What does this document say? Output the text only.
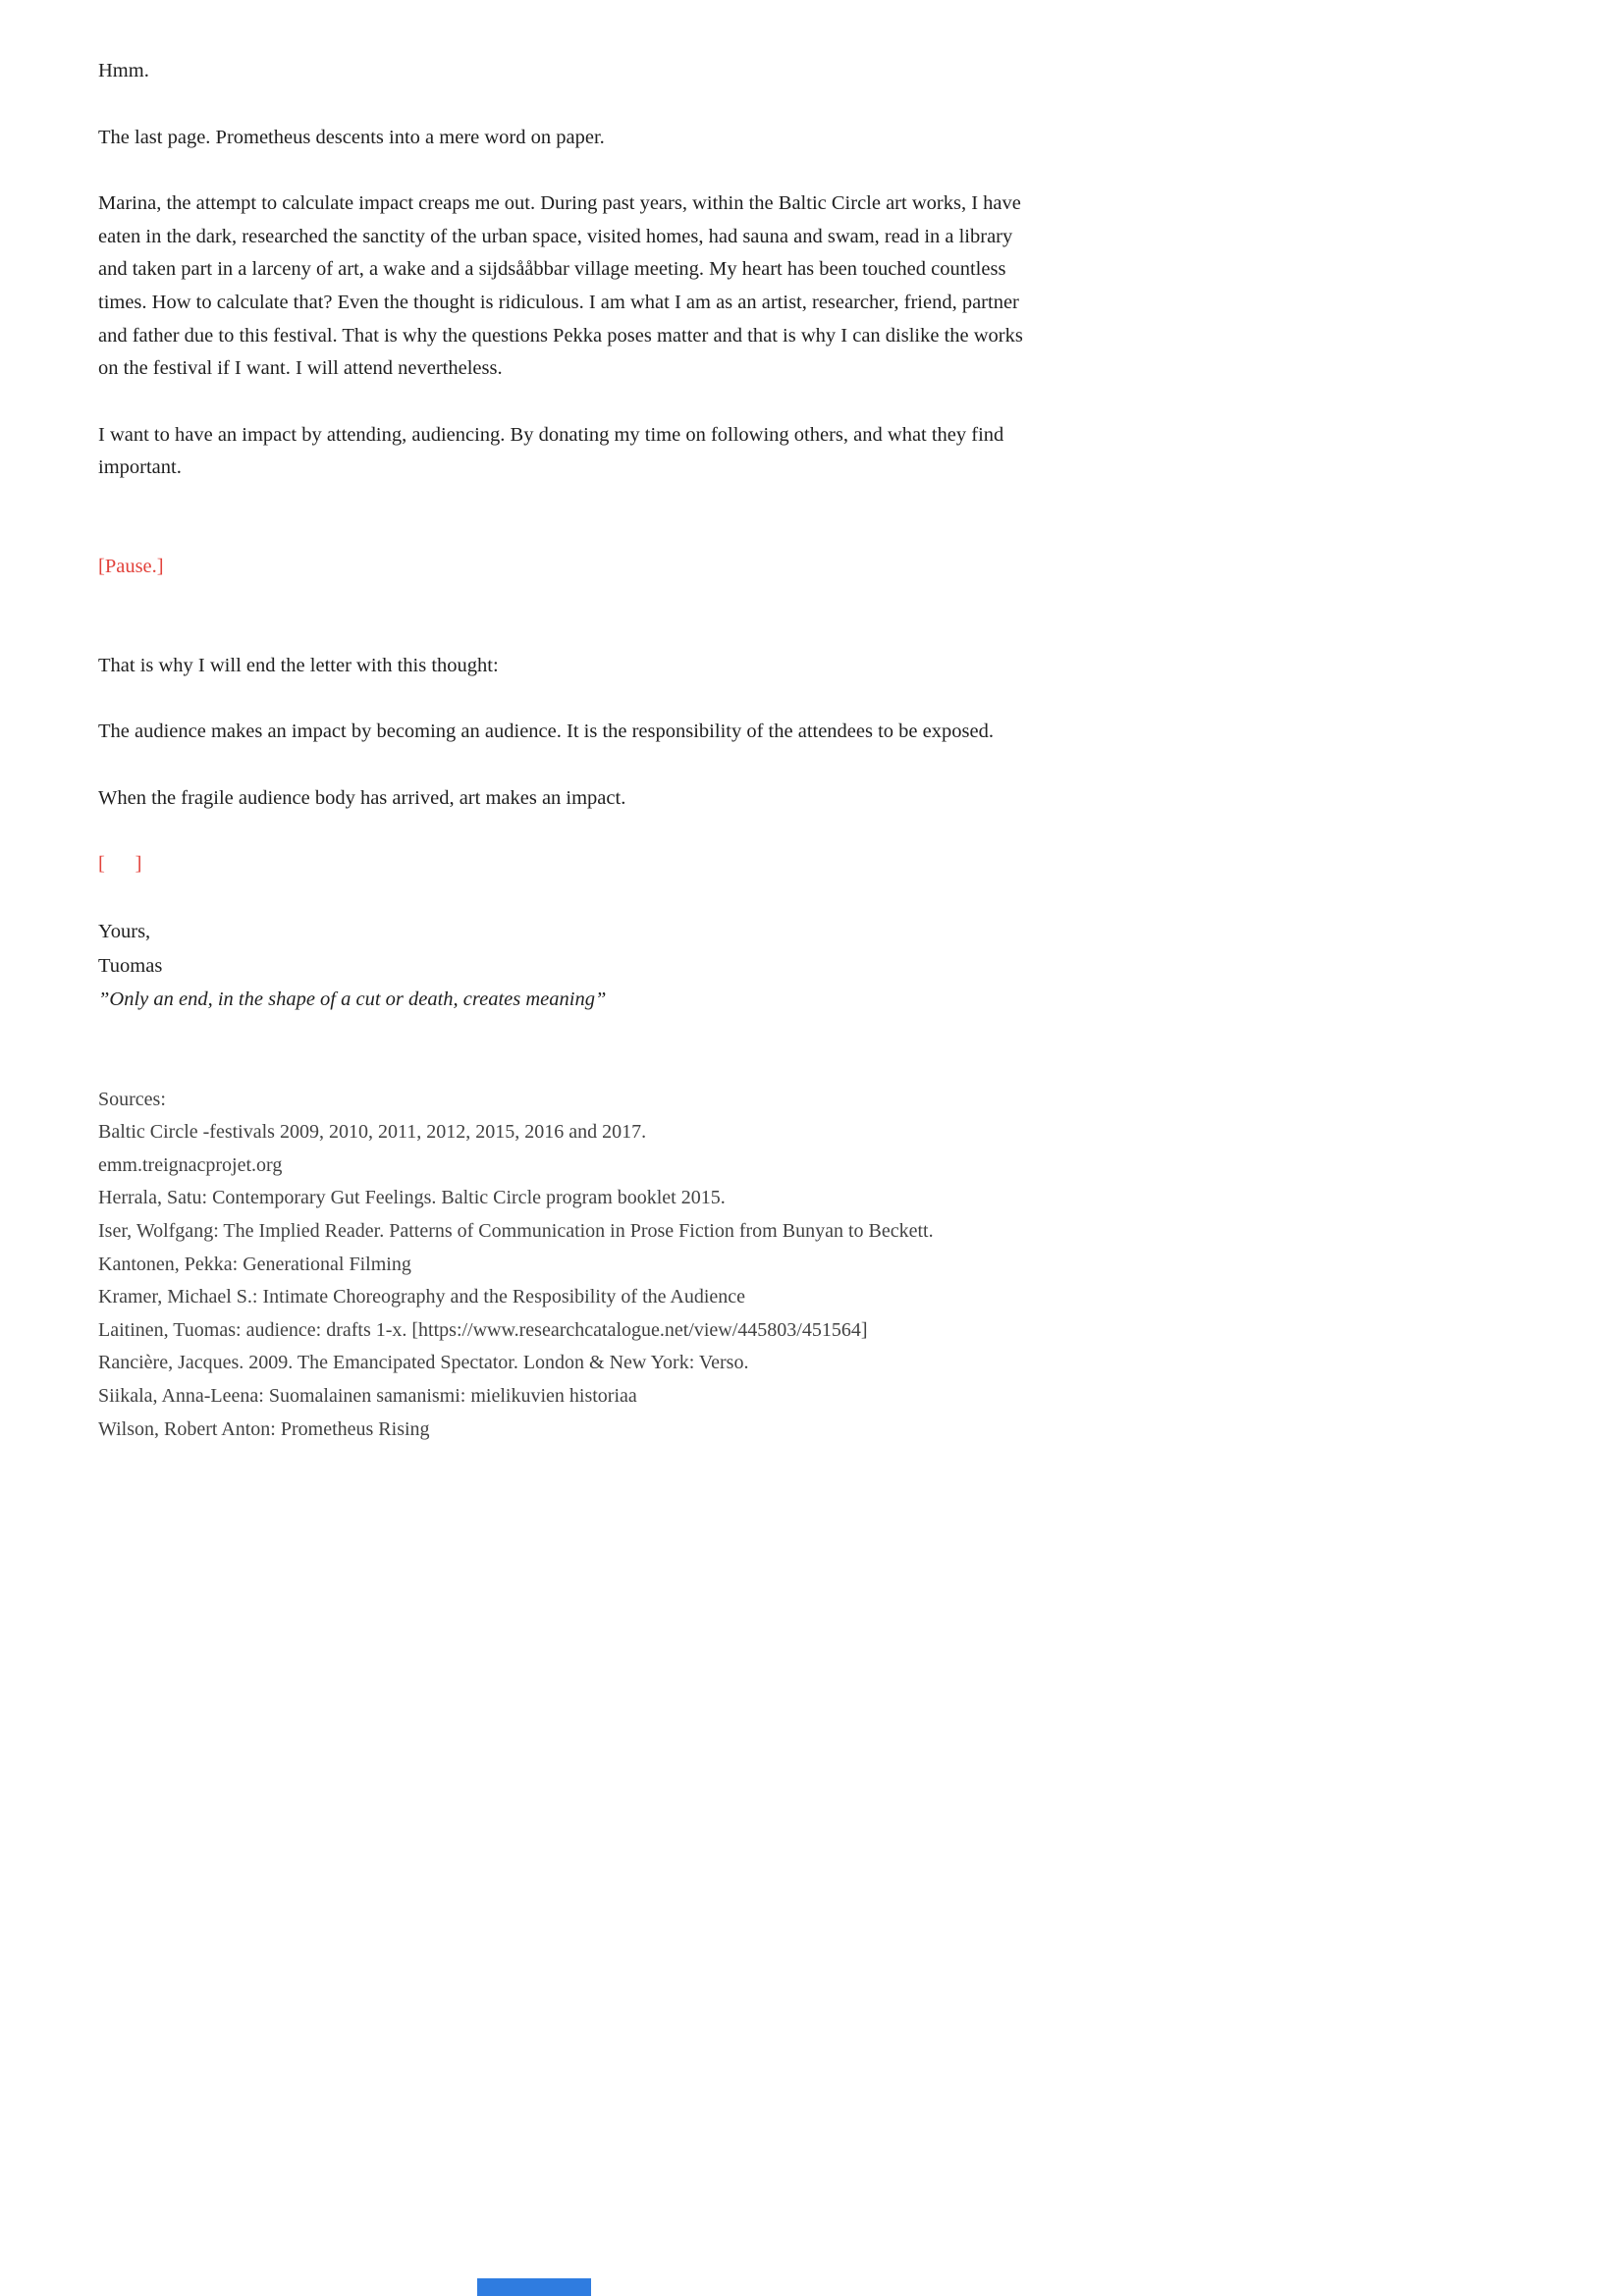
Hmm.

The last page. Prometheus descents into a mere word on paper.

Marina, the attempt to calculate impact creaps me out. During past years, within the Baltic Circle art works, I have eaten in the dark, researched the sanctity of the urban space, visited homes, had sauna and swam, read in a library and taken part in a larceny of art, a wake and a sijdsååbbar village meeting. My heart has been touched countless times. How to calculate that? Even the thought is ridiculous. I am what I am as an artist, researcher, friend, partner and father due to this festival. That is why the questions Pekka poses matter and that is why I can dislike the works on the festival if I want. I will attend nevertheless.

I want to have an impact by attending, audiencing. By donating my time on following others, and what they find important.

[Pause.]

That is why I will end the letter with this thought:

The audience makes an impact by becoming an audience. It is the responsibility of the attendees to be exposed.

When the fragile audience body has arrived, art makes an impact.

[      ]

Yours,
Tuomas
”Only an end, in the shape of a cut or death, creates meaning”
Sources:
Baltic Circle -festivals 2009, 2010, 2011, 2012, 2015, 2016 and 2017.
emm.treignacprojet.org
Herrala, Satu: Contemporary Gut Feelings. Baltic Circle program booklet 2015.
Iser, Wolfgang: The Implied Reader. Patterns of Communication in Prose Fiction from Bunyan to Beckett.
Kantonen, Pekka: Generational Filming
Kramer, Michael S.: Intimate Choreography and the Resposibility of the Audience
Laitinen, Tuomas: audience: drafts 1-x. [https://www.researchcatalogue.net/view/445803/451564]
Rancière, Jacques. 2009. The Emancipated Spectator. London & New York: Verso.
Siikala, Anna-Leena: Suomalainen samanismi: mielikuvien historiaa
Wilson, Robert Anton: Prometheus Rising
